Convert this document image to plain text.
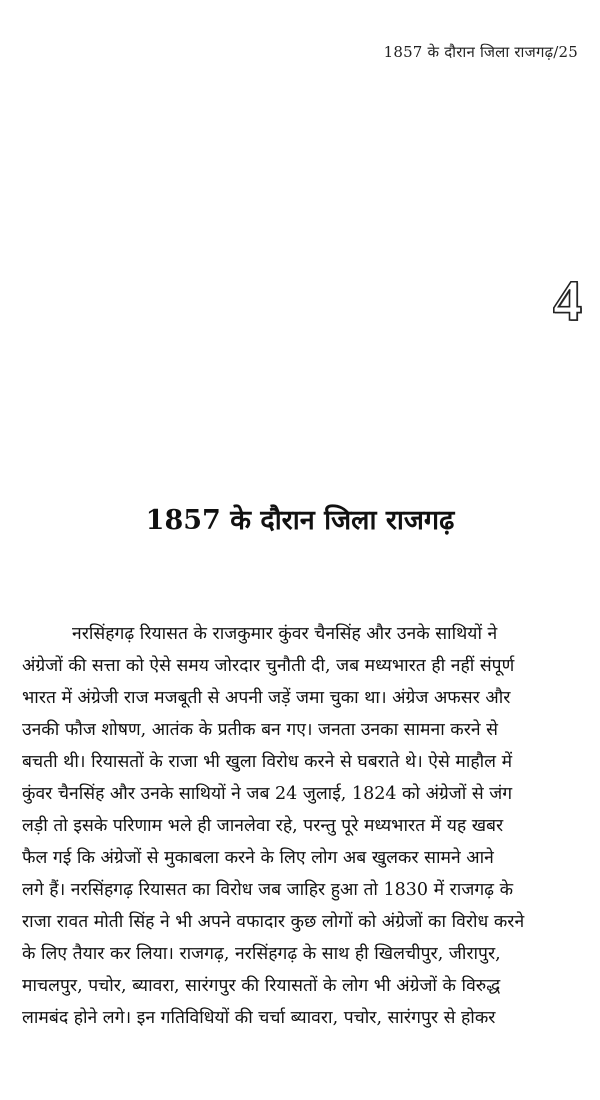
1857 के दौरान जिला राजगढ़/25
4
1857 के दौरान जिला राजगढ़
नरसिंहगढ़ रियासत के राजकुमार कुंवर चैनसिंह और उनके साथियों ने
अंग्रेजों की सत्ता को ऐसे समय जोरदार चुनौती दी, जब मध्यभारत ही नहीं संपूर्ण
भारत में अंग्रेजी राज मजबूती से अपनी जड़ें जमा चुका था। अंग्रेज अफसर और
उनकी फौज शोषण, आतंक के प्रतीक बन गए। जनता उनका सामना करने से
बचती थी। रियासतों के राजा भी खुला विरोध करने से घबराते थे। ऐसे माहौल में
कुंवर चैनसिंह और उनके साथियों ने जब 24 जुलाई, 1824 को अंग्रेजों से जंग
लड़ी तो इसके परिणाम भले ही जानलेवा रहे, परन्तु पूरे मध्यभारत में यह खबर
फैल गई कि अंग्रेजों से मुकाबला करने के लिए लोग अब खुलकर सामने आने
लगे हैं। नरसिंहगढ़ रियासत का विरोध जब जाहिर हुआ तो 1830 में राजगढ़ के
राजा रावत मोती सिंह ने भी अपने वफादार कुछ लोगों को अंग्रेजों का विरोध करने
के लिए तैयार कर लिया। राजगढ़, नरसिंहगढ़ के साथ ही खिलचीपुर, जीरापुर,
माचलपुर, पचोर, ब्यावरा, सारंगपुर की रियासतों के लोग भी अंग्रेजों के विरुद्ध
लामबंद होने लगे। इन गतिविधियों की चर्चा ब्यावरा, पचोर, सारंगपुर से होकर
